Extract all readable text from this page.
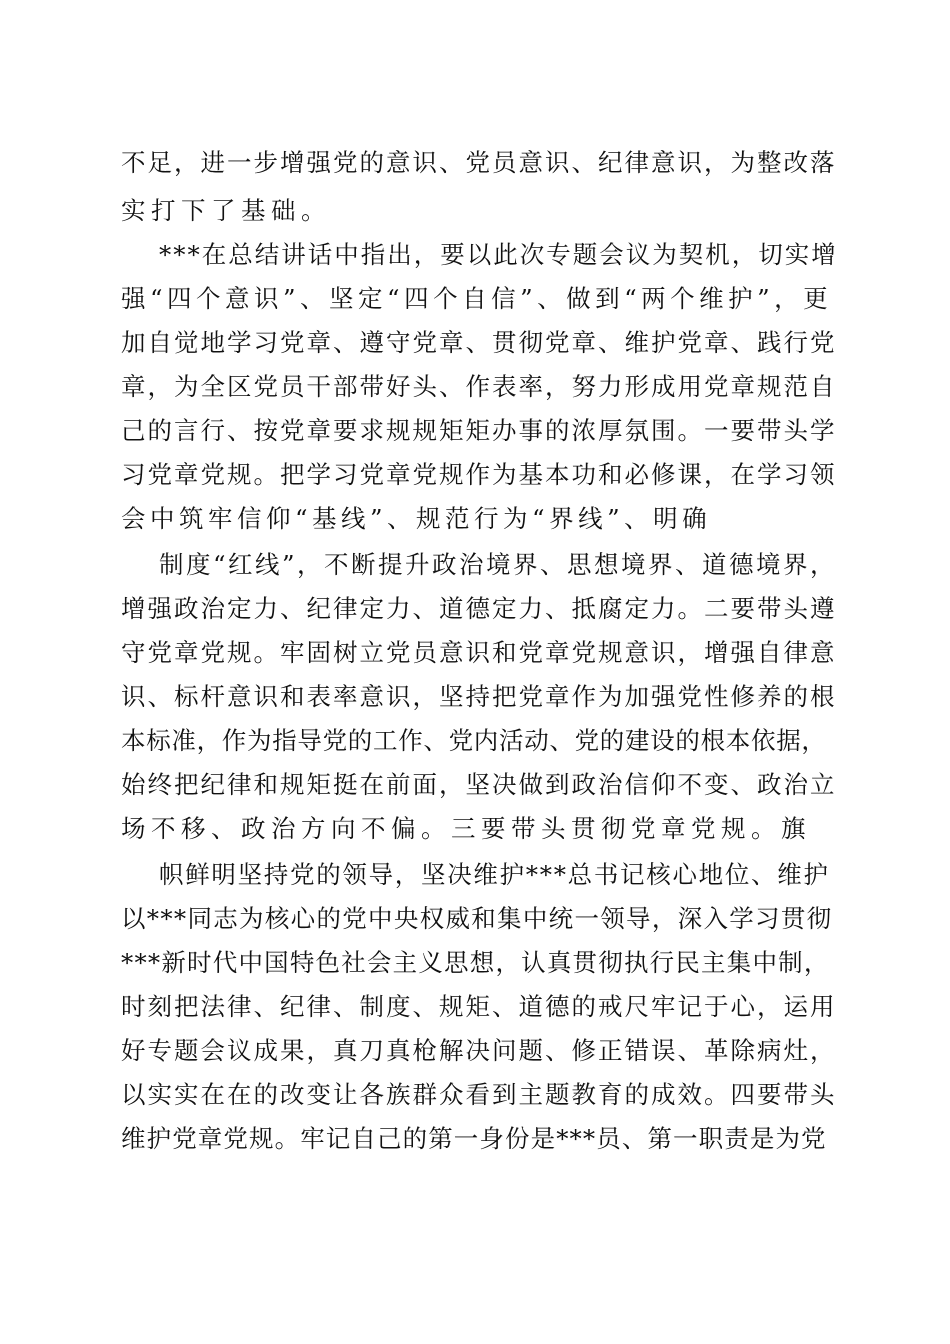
不足，进一步增强党的意识、党员意识、纪律意识，为整改落
实打下了基础。
***在总结讲话中指出，要以此次专题会议为契机，切实增
强“四个意识”、坚定“四个自信”、做到“两个维护”，更
加自觉地学习党章、遵守党章、贯彻党章、维护党章、践行党
章，为全区党员干部带好头、作表率，努力形成用党章规范自
己的言行、按党章要求规规矩矩办事的浓厚氛围。一要带头学
习党章党规。把学习党章党规作为基本功和必修课，在学习领
会中筑牢信仰“基线”、规范行为“界线”、明确
制度“红线”，不断提升政治境界、思想境界、道德境界，
增强政治定力、纪律定力、道德定力、抵腐定力。二要带头遵
守党章党规。牢固树立党员意识和党章党规意识，增强自律意
识、标杆意识和表率意识，坚持把党章作为加强党性修养的根
本标准，作为指导党的工作、党内活动、党的建设的根本依据，
始终把纪律和规矩挺在前面，坚决做到政治信仰不变、政治立
场不移、政治方向不偏。三要带头贯彻党章党规。旗
帜鲜明坚持党的领导，坚决维护***总书记核心地位、维护
以***同志为核心的党中央权威和集中统一领导，深入学习贯彻
***新时代中国特色社会主义思想，认真贯彻执行民主集中制，
时刻把法律、纪律、制度、规矩、道德的戒尺牢记于心，运用
好专题会议成果，真刀真枪解决问题、修正错误、革除病灶，
以实实在在的改变让各族群众看到主题教育的成效。四要带头
维护党章党规。牢记自己的第一身份是***员、第一职责是为党
